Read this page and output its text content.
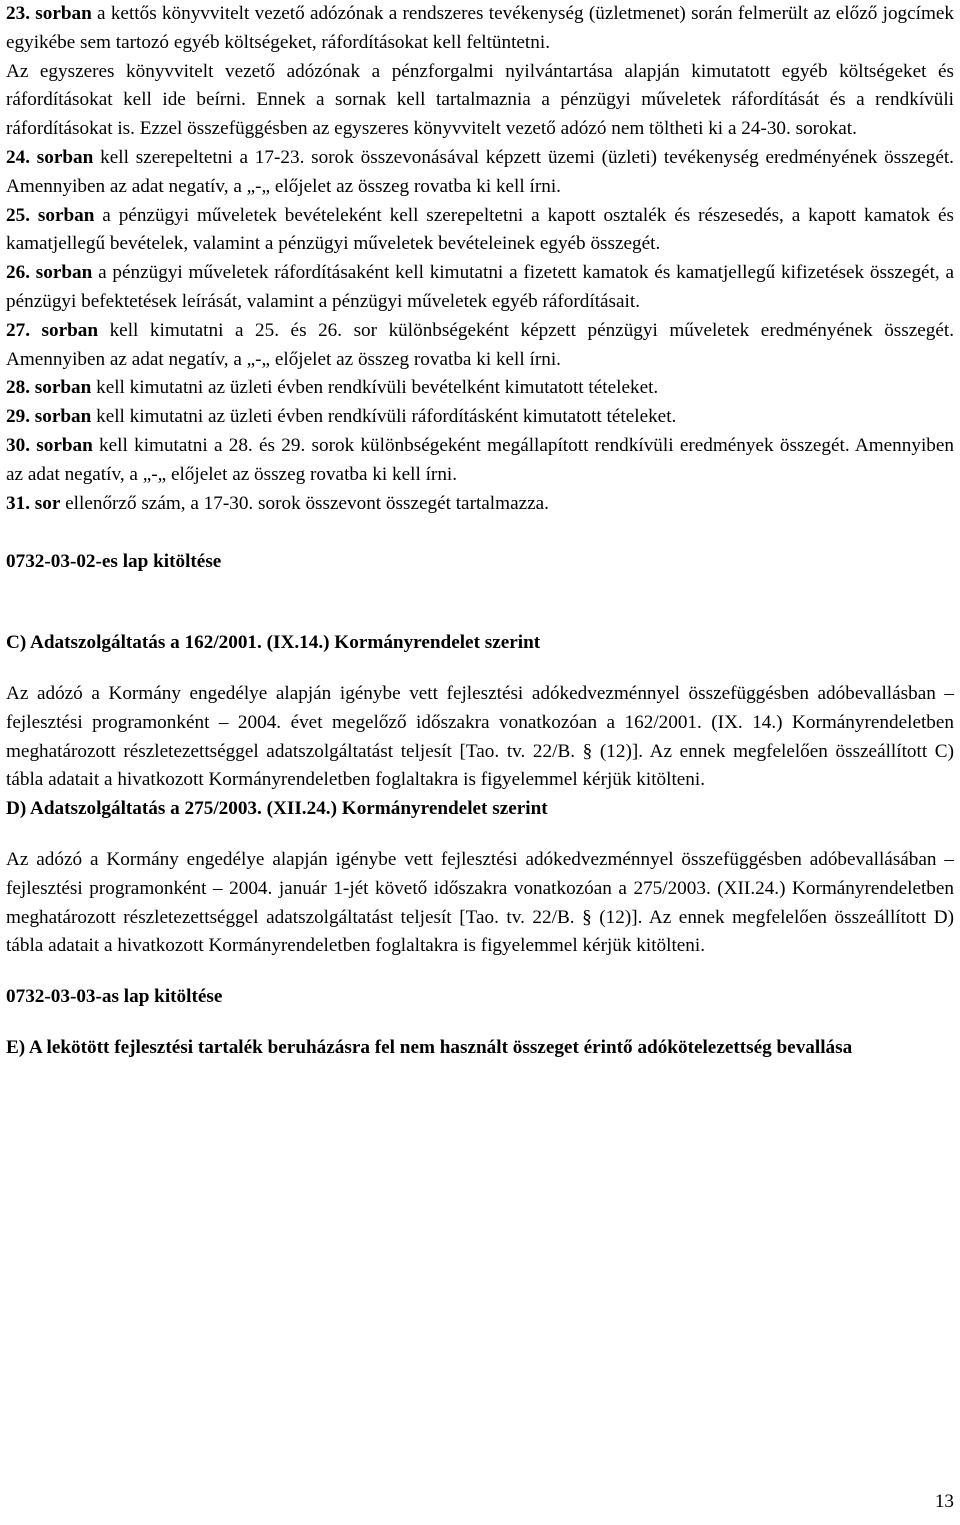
23. sorban a kettős könyvvitelt vezető adózónak a rendszeres tevékenység (üzletmenet) során felmerült az előző jogcímek egyikébe sem tartozó egyéb költségeket, ráfordításokat kell feltüntetni.

Az egyszeres könyvvitelt vezető adózónak a pénzforgalmi nyilvántartása alapján kimutatott egyéb költségeket és ráfordításokat kell ide beírni. Ennek a sornak kell tartalmaznia a pénzügyi műveletek ráfordítását és a rendkívüli ráfordításokat is. Ezzel összefüggésben az egyszeres könyvvitelt vezető adózó nem töltheti ki a 24-30. sorokat.

24. sorban kell szerepeltetni a 17-23. sorok összevonásával képzett üzemi (üzleti) tevékenység eredményének összegét. Amennyiben az adat negatív, a „-„ előjelet az összeg rovatba ki kell írni.

25. sorban a pénzügyi műveletek bevételeként kell szerepeltetni a kapott osztalék és részesedés, a kapott kamatok és kamatjellegű bevételek, valamint a pénzügyi műveletek bevételeinek egyéb összegét.

26. sorban a pénzügyi műveletek ráfordításaként kell kimutatni a fizetett kamatok és kamatjellegű kifizetések összegét, a pénzügyi befektetések leírását, valamint a pénzügyi műveletek egyéb ráfordításait.

27. sorban kell kimutatni a 25. és 26. sor különbségeként képzett pénzügyi műveletek eredményének összegét. Amennyiben az adat negatív, a „-„ előjelet az összeg rovatba ki kell írni.

28. sorban kell kimutatni az üzleti évben rendkívüli bevételként kimutatott tételeket.

29. sorban kell kimutatni az üzleti évben rendkívüli ráfordításként kimutatott tételeket.

30. sorban kell kimutatni a 28. és 29. sorok különbségeként megállapított rendkívüli eredmények összegét. Amennyiben az adat negatív, a „-„ előjelet az összeg rovatba ki kell írni.

31. sor ellenőrző szám, a 17-30. sorok összevont összegét tartalmazza.

0732-03-02-es lap kitöltése

C) Adatszolgáltatás a 162/2001. (IX.14.) Kormányrendelet szerint

Az adózó a Kormány engedélye alapján igénybe vett fejlesztési adókedvezménnyel összefüggésben adóbevallásban – fejlesztési programonként – 2004. évet megelőző időszakra vonatkozóan a 162/2001. (IX. 14.) Kormányrendeletben meghatározott részletezettséggel adatszolgáltatást teljesít [Tao. tv. 22/B. § (12)]. Az ennek megfelelően összeállított C) tábla adatait a hivatkozott Kormányrendeletben foglaltakra is figyelemmel kérjük kitölteni.

D) Adatszolgáltatás a 275/2003. (XII.24.) Kormányrendelet szerint

Az adózó a Kormány engedélye alapján igénybe vett fejlesztési adókedvezménnyel összefüggésben adóbevallásában – fejlesztési programonként – 2004. január 1-jét követő időszakra vonatkozóan a 275/2003. (XII.24.) Kormányrendeletben meghatározott részletezettséggel adatszolgáltatást teljesít [Tao. tv. 22/B. § (12)]. Az ennek megfelelően összeállított D) tábla adatait a hivatkozott Kormányrendeletben foglaltakra is figyelemmel kérjük kitölteni.

0732-03-03-as lap kitöltése

E) A lekötött fejlesztési tartalék beruházásra fel nem használt összeget érintő adókötelezettség bevallása

13
